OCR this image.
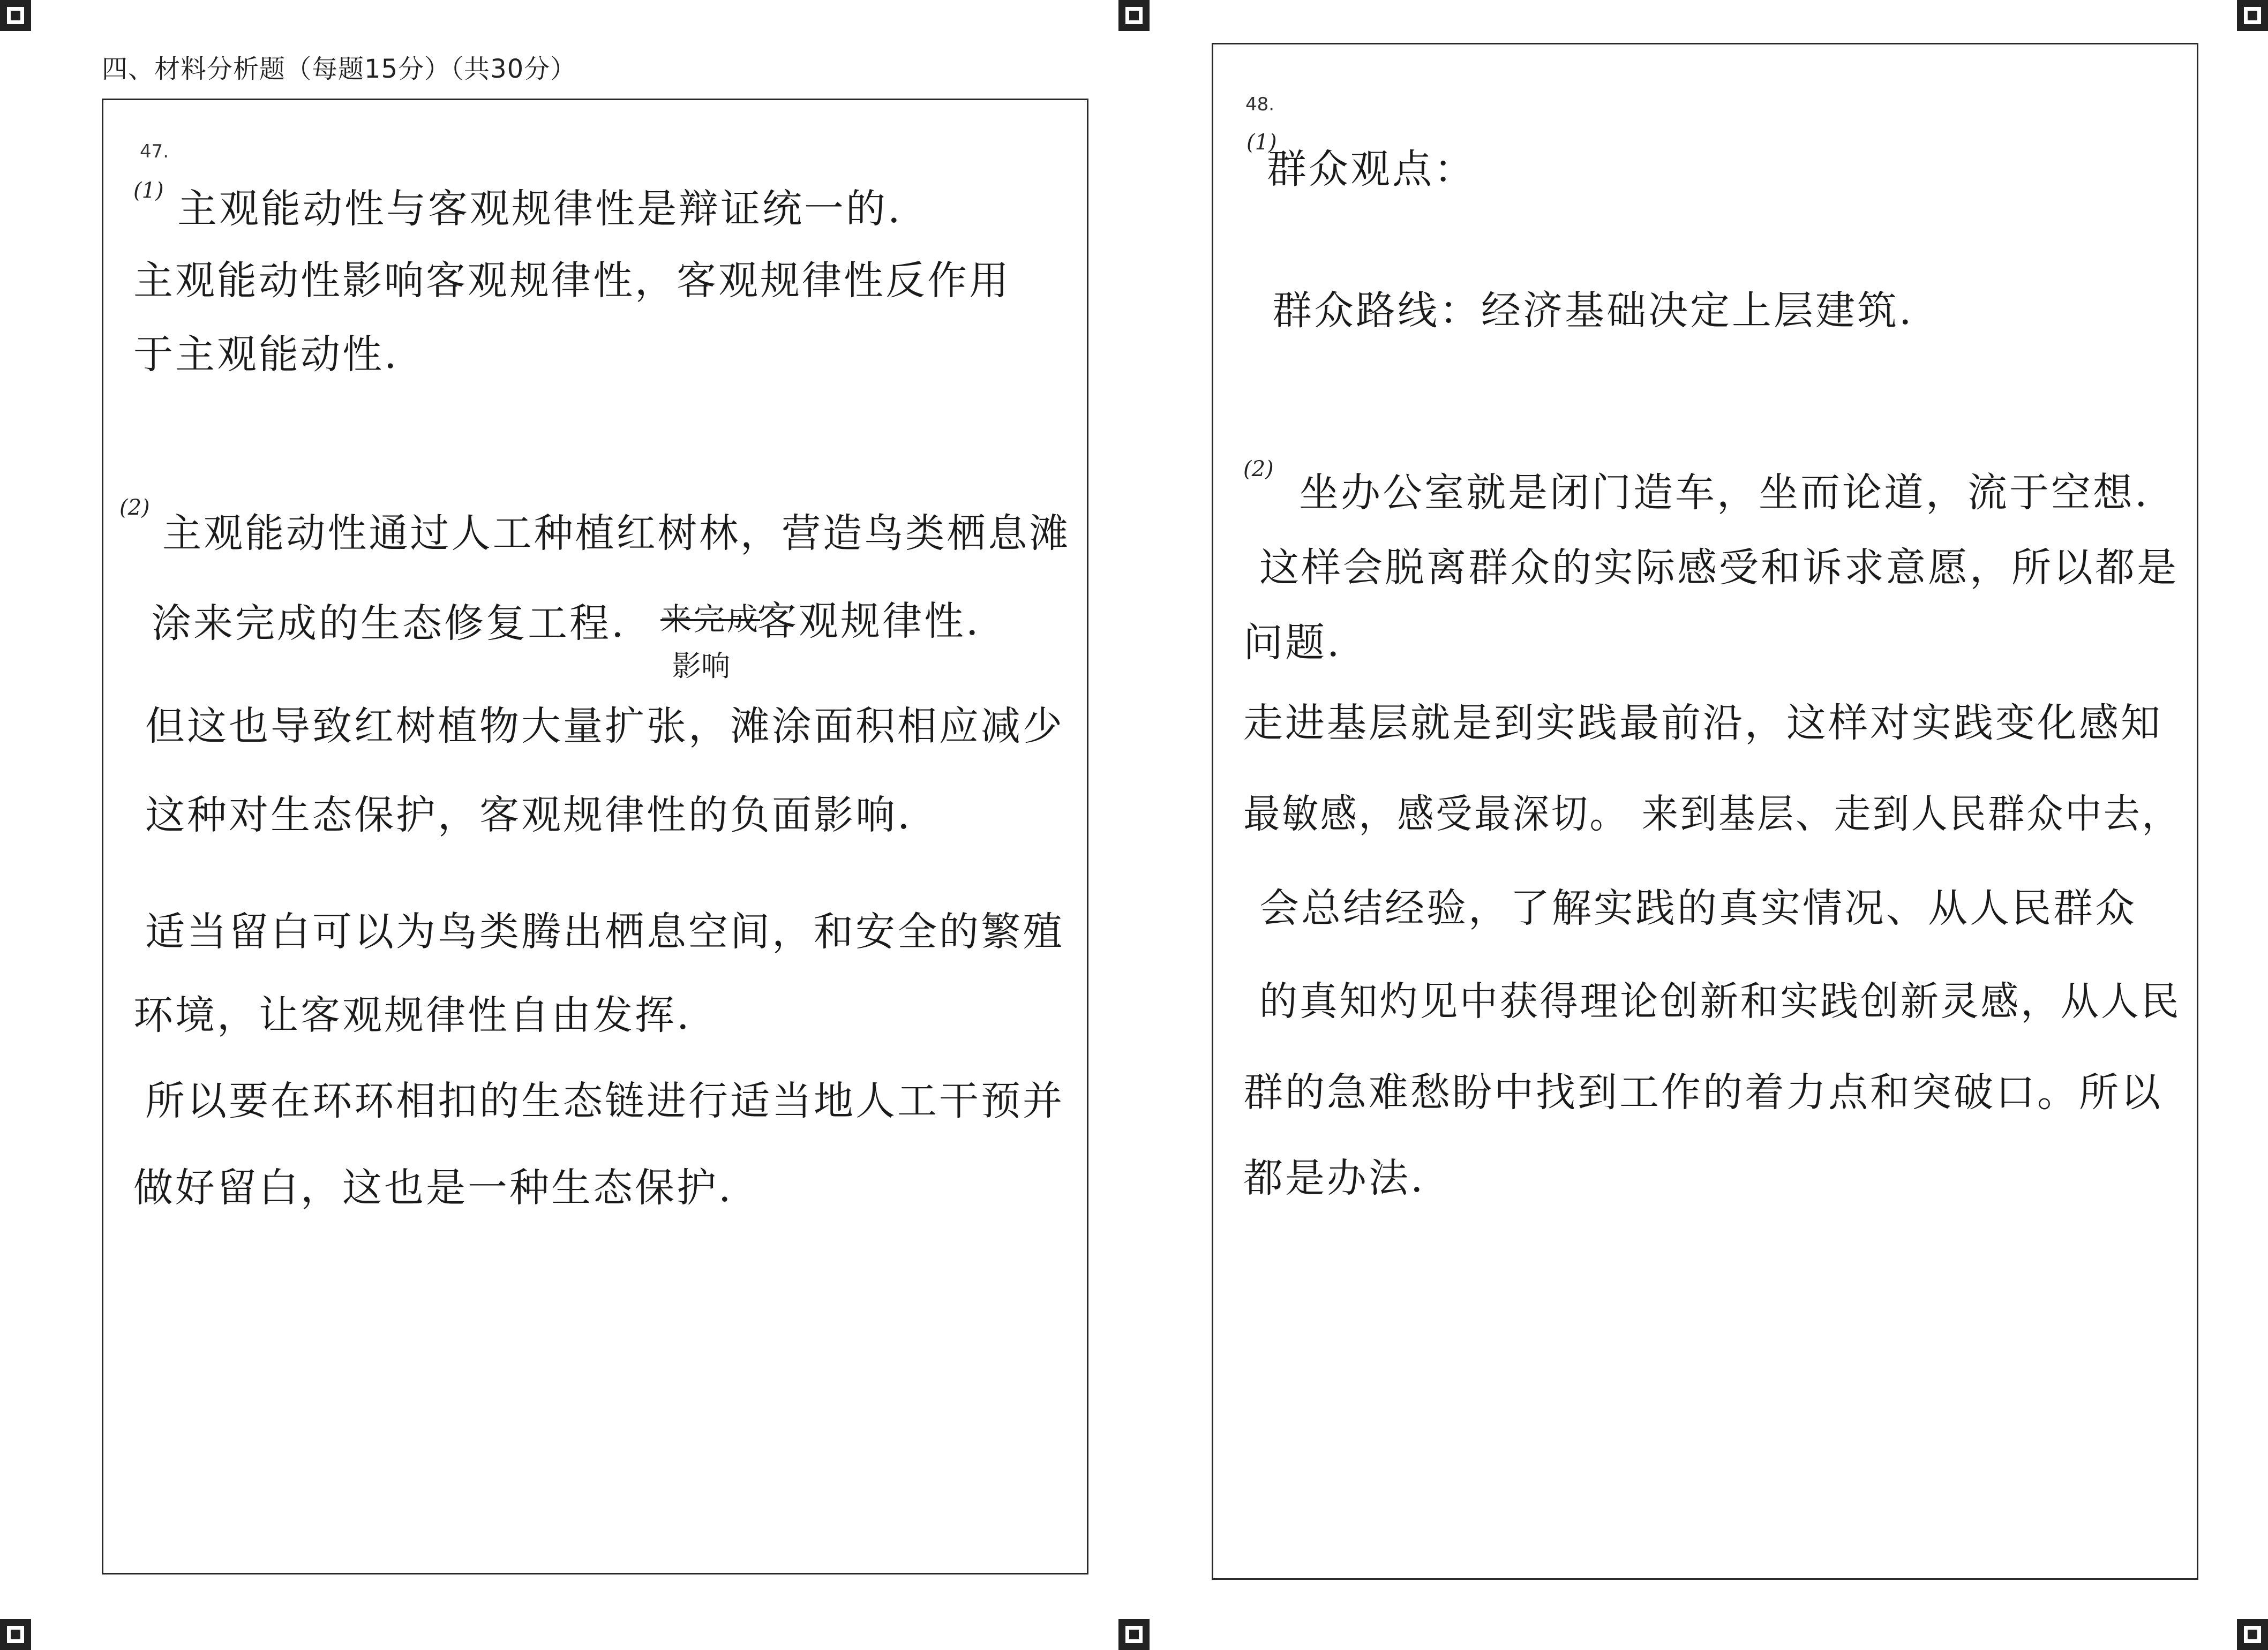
四、材料分析题（每题15分）（共30分）
47.
(1) 主观能动性与客观规律性是辩证统一的.
主观能动性影响客观规律性，客观规律性反作用
于主观能动性.
(2)
主观能动性通过人工种植红树林，营造鸟类栖息滩
涂来完成的生态修复工程. 来完成
影响
客观规律性.
但这也导致红树植物大量扩张，滩涂面积相应减少
这种对生态保护，客观规律性的负面影响.
适当留白可以为鸟类腾出栖息空间，和安全的繁殖
环境，让客观规律性自由发挥.
所以要在环环相扣的生态链进行适当地人工干预并
做好留白，这也是一种生态保护.
48.
(1)
群众观点：
群众路线：经济基础决定上层建筑.
(2)
坐办公室就是闭门造车，坐而论道，流于空想.
这样会脱离群众的实际感受和诉求意愿，所以都是
问题.
走进基层就是到实践最前沿，这样对实践变化感知
最敏感，感受最深切。 来到基层、走到人民群众中去，
会总结经验，了解实践的真实情况、从人民群众
的真知灼见中获得理论创新和实践创新灵感，从人民
群的急难愁盼中找到工作的着力点和突破口。所以
都是办法.
